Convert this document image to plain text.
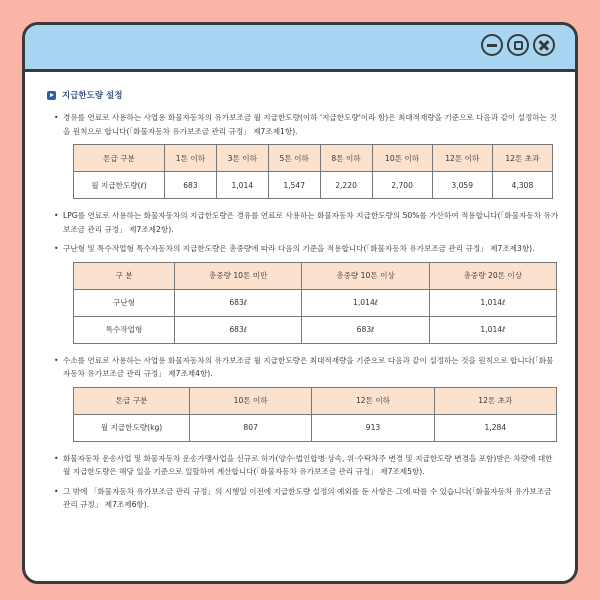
지급한도량 설정
• 경유를 연료로 사용하는 사업용 화물자동차의 유가보조금 월 지급한도량(이하 '지급한도량'이라 함)은 최대적재량을 기준으로 다음과 같이 설정하는 것을 원칙으로 합니다(「화물자동차 유가보조금 관리 규정」 제7조제1항).
톤급 구분	1톤 이하	3톤 이하	5톤 이하	8톤 이하	10톤 이하	12톤 이하	12톤 초과
월 지급한도량(ℓ)	683	1,014	1,547	2,220	2,700	3,059	4,308
• LPG를 연료로 사용하는 화물자동차의 지급한도량은 경유를 연료로 사용하는 화물자동차 지급한도량의 50%를 가산하여 적용합니다(「화물자동차 유가보조금 관리 규정」 제7조제2항).
• 구난형 및 특수작업형 특수자동차의 지급한도량은 총중량에 따라 다음의 기준을 적용합니다(「화물자동차 유가보조금 관리 규정」 제7조제3항).
구 분	총중량 10톤 미만	총중량 10톤 이상	총중량 20톤 이상
구난형	683ℓ	1,014ℓ	1,014ℓ
특수작업형	683ℓ	683ℓ	1,014ℓ
• 수소를 연료로 사용하는 사업용 화물자동차의 유가보조금 월 지급한도량은 최대적재량을 기준으로 다음과 같이 설정하는 것을 원칙으로 합니다(「화물자동차 유가보조금 관리 규정」 제7조제4항).
톤급 구분	10톤 이하	12톤 이하	12톤 초과
월 지급한도량(kg)	807	913	1,284
• 화물자동차 운송사업 및 화물자동차 운송가맹사업을 신규로 허가(양수·법인합병·상속, 위·수탁차주 변경 및 지급한도량 변경을 포함)받은 차량에 대한 월 지급한도량은 해당 일을 기준으로 일할하여 계산합니다(「화물자동차 유가보조금 관리 규정」 제7조제5항).
• 그 밖에 「화물자동차 유가보조금 관리 규정」의 시행일 이전에 지급한도량 설정의 예외를 둔 사항은 그에 따를 수 있습니다(「화물자동차 유가보조금 관리 규정」 제7조제6항).
